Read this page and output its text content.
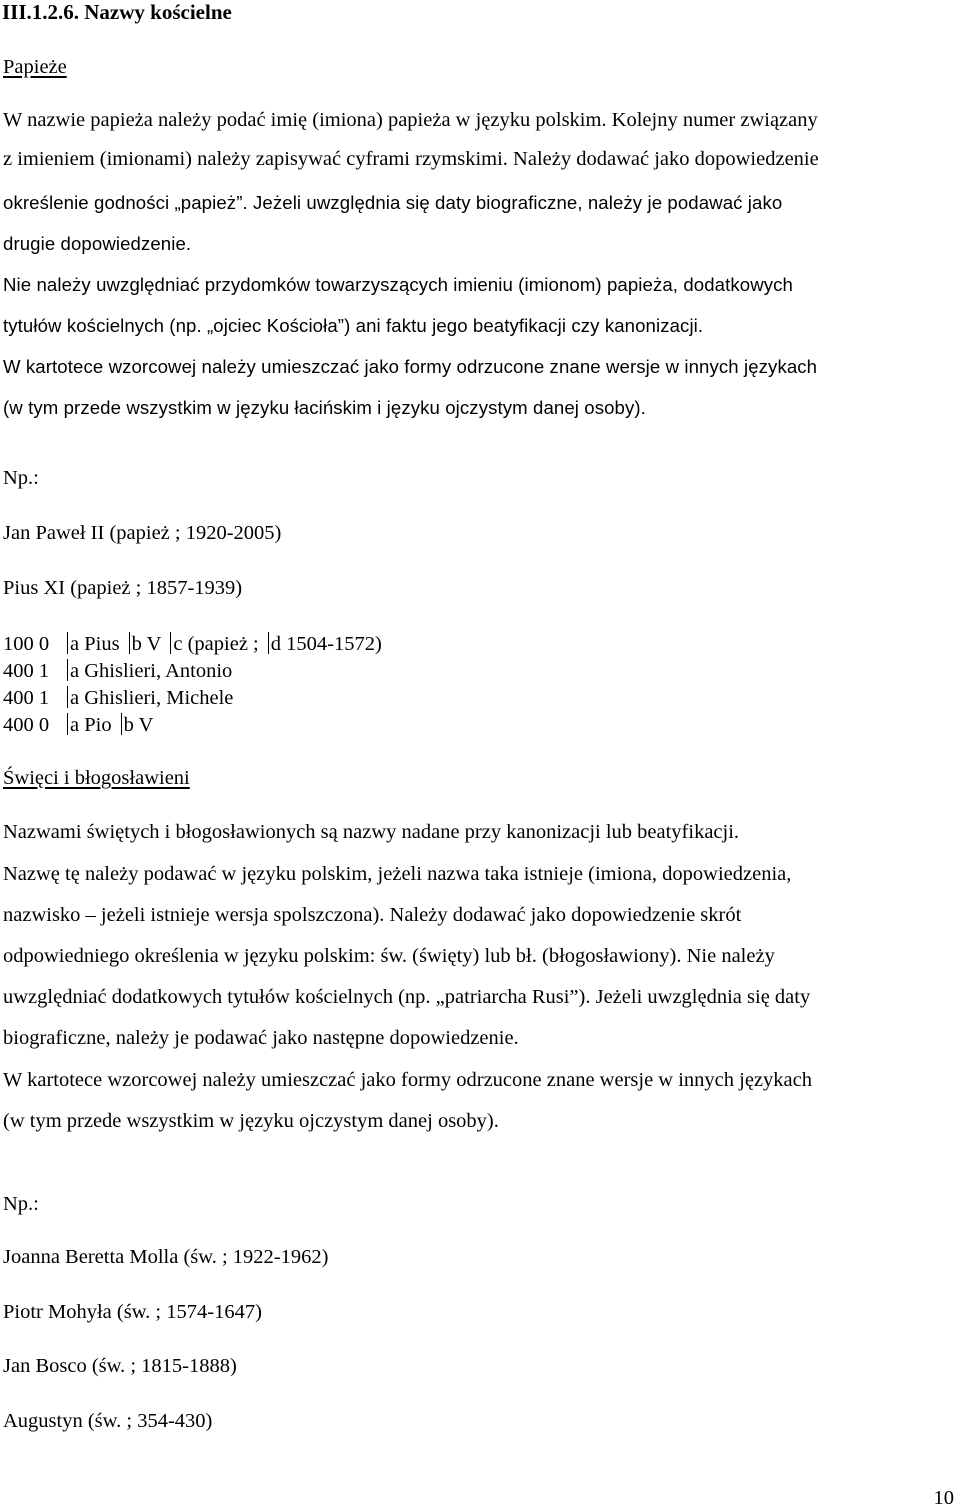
III.1.2.6. Nazwy kościelne
Papieże
W nazwie papieża należy podać imię (imiona) papieża w języku polskim. Kolejny numer związany
z imieniem (imionami) należy zapisywać cyframi rzymskimi. Należy dodawać jako dopowiedzenie
określenie godności „papież”. Jeżeli uwzględnia się daty biograficzne, należy je podawać jako
drugie dopowiedzenie.
Nie należy uwzględniać przydomków towarzyszących imieniu (imionom) papieża, dodatkowych
tytułów kościelnych (np. „ojciec Kościoła”) ani faktu jego beatyfikacji czy kanonizacji.
W kartotece wzorcowej należy umieszczać jako formy odrzucone znane wersje w innych językach
(w tym przede wszystkim w języku łacińskim i języku ojczystym danej osoby).
Np.:
Jan Paweł II (papież ; 1920-2005)
Pius XI (papież ; 1857-1939)
100 0 a Pius b V c (papież ; d 1504-1572)
400 1 a Ghislieri, Antonio
400 1 a Ghislieri, Michele
400 0 a Pio b V
Święci i błogosławieni
Nazwami świętych i błogosławionych są nazwy nadane przy kanonizacji lub beatyfikacji.
Nazwę tę należy podawać w języku polskim, jeżeli nazwa taka istnieje (imiona, dopowiedzenia,
nazwisko – jeżeli istnieje wersja spolszczona). Należy dodawać jako dopowiedzenie skrót
odpowiedniego określenia w języku polskim: św. (święty) lub bł. (błogosławiony). Nie należy
uwzględniać dodatkowych tytułów kościelnych (np. „patriarcha Rusi”). Jeżeli uwzględnia się daty
biograficzne, należy je podawać jako następne dopowiedzenie.
W kartotece wzorcowej należy umieszczać jako formy odrzucone znane wersje w innych językach
(w tym przede wszystkim w języku ojczystym danej osoby).
Np.:
Joanna Beretta Molla (św. ; 1922-1962)
Piotr Mohyła (św. ; 1574-1647)
Jan Bosco (św. ; 1815-1888)
Augustyn (św. ; 354-430)
10
